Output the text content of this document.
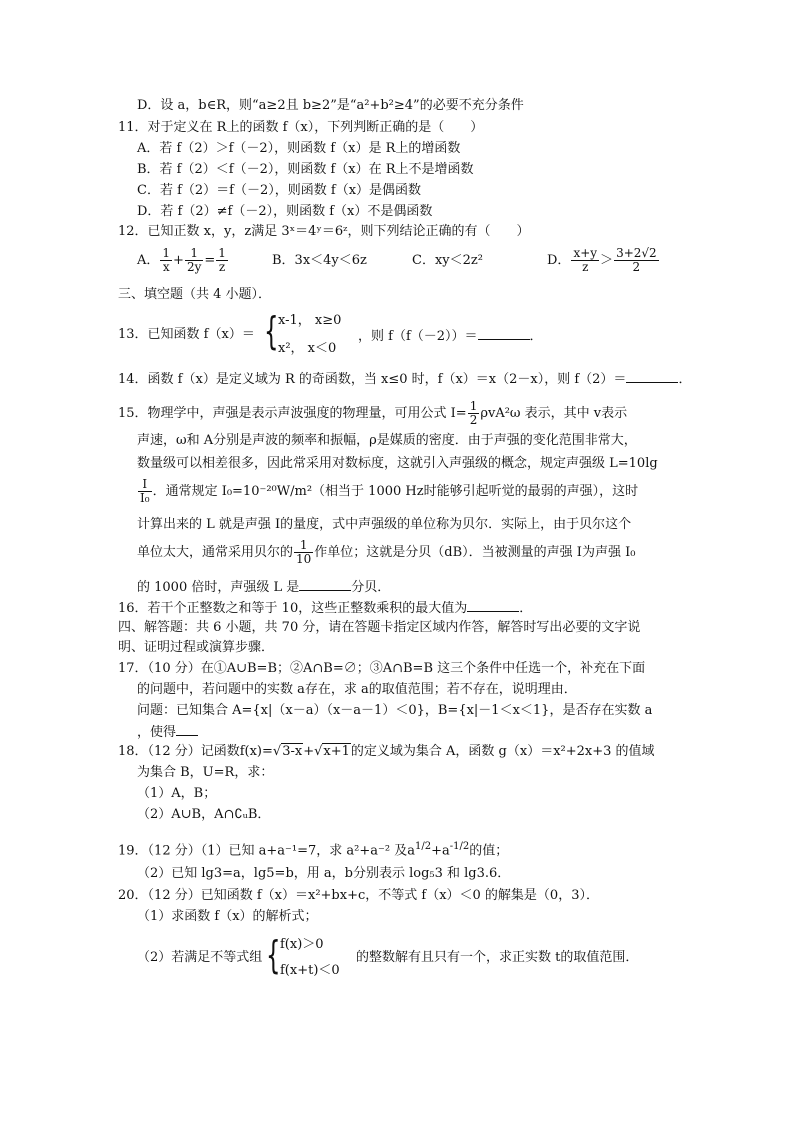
D．设 a，b∈R，则“a≥2且 b≥2”是“a²+b²≥4”的必要不充分条件
11．对于定义在 R上的函数 f（x），下列判断正确的是（　　）
A．若 f（2）＞f（－2），则函数 f（x）是 R上的增函数
B．若 f（2）＜f（－2），则函数 f（x）在 R上不是增函数
C．若 f（2）＝f（－2），则函数 f（x）是偶函数
D．若 f（2）≠f（－2），则函数 f（x）不是偶函数
12．已知正数 x，y，z满足 3ˣ＝4ʸ＝6ᶻ，则下列结论正确的有（　　）
A． $\frac{1}{x} + \frac{1}{2y} = \frac{1}{z}$	B．3x＜4y＜6z	C．xy＜2z²	D． $\frac{x+y}{z} > \frac{3+2√2}{2}$
三、填空题（共 4 小题）．
13．已知函数 f（x）＝ { x-1， x≥0
x²， x＜0
，则 f（f（－2））＝	．
14．函数 f（x）是定义域为 R 的奇函数，当 x≤0 时，f（x）＝x（2－x），则 f（2）＝	．
15．物理学中，声强是表示声波强度的物理量，可用公式 $I= \frac{1}{2} \rho vA^2\omega$ 表示，其中 v表示
声速，ω和 A分别是声波的频率和振幅，ρ是媒质的密度．由于声强的变化范围非常大，
数量级可以相差很多，因此常采用对数标度，这就引入声强级的概念，规定声强级 L=10lg
$\frac{I}{\text{I₀}}$ ．通常规定 I₀=10⁻²⁰W/m²（相当于 1000 Hz时能够引起听觉的最弱的声强），这时
计算出来的 L 就是声强 I的量度，式中声强级的单位称为贝尔．实际上，由于贝尔这个
单位太大，通常采用贝尔的 $\frac{1}{10}$ 作单位；这就是分贝（dB）．当被测量的声强 I为声强 I₀
的 1000 倍时，声强级 L 是	分贝．
16．若干个正整数之和等于 10，这些正整数乘积的最大值为	．
四、解答题：共 6 小题，共 70 分，请在答题卡指定区域内作答，解答时写出必要的文字说
明、证明过程或演算步骤．
17．（10 分）在①A∪B=B；②A∩B=∅；③A∩B=B 这三个条件中任选一个，补充在下面
的问题中，若问题中的实数 a存在，求 a的取值范围；若不存在，说明理由．
问题：已知集合 A={x|（x－a）（x－a－1）＜0}，B={x|－1＜x＜1}，是否存在实数 a
，使得
18．（12 分）记函数f(x)=√3-x+√x+1的定义域为集合 A，函数 g（x）＝x²+2x+3 的值域
为集合 B，U=R，求：
（1）A，B；
（2）A∪B，A∩∁ᵤB．
19．（12 分）（1）已知 a+a⁻¹=7，求 a²+a⁻² 及$a^{1/2}+a^{-1/2}$的值；
（2）已知 lg3=a，lg5=b，用 a，b分别表示 log₅3 和 lg3.6．
20．（12 分）已知函数 f（x）＝x²+bx+c，不等式 f（x）＜0 的解集是（0，3）．
（1）求函数 f（x）的解析式；
（2）若满足不等式组 { f(x)＞0
f(x+t)＜0
的整数解有且只有一个，求正实数 t的取值范围．
